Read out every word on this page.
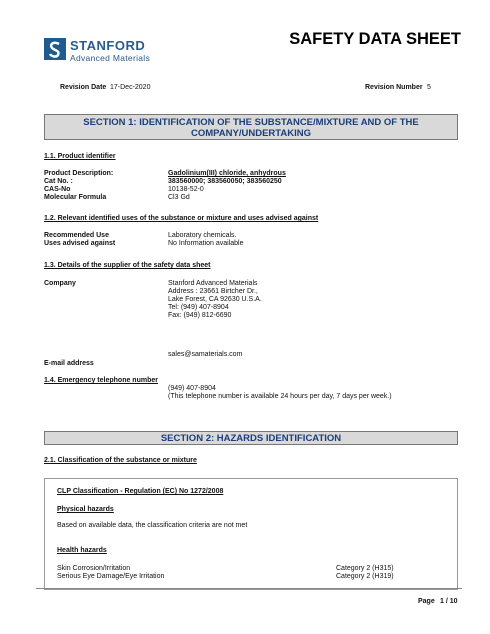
STANFORD
Advanced Materials
SAFETY DATA SHEET
Revision Date 17-Dec-2020	Revision Number 5
SECTION 1: IDENTIFICATION OF THE SUBSTANCE/MIXTURE AND OF THE
COMPANY/UNDERTAKING
1.1. Product identifier
Product Description:	Gadolinium(III) chloride, anhydrous
Cat No. :	383560000; 383560050; 383560250
CAS-No	10138-52-0
Molecular Formula	Cl3 Gd
1.2. Relevant identified uses of the substance or mixture and uses advised against
Recommended Use	Laboratory chemicals.
Uses advised against	No Information available
1.3. Details of the supplier of the safety data sheet
Company	Stanford Advanced Materials
Address : 23661 Birtcher Dr.,
Lake Forest, CA 92630 U.S.A.
Tel: (949) 407-8904
Fax: (949) 812-6690
sales@samaterials.com
E-mail address
1.4. Emergency telephone number
(949) 407-8904
(This telephone number is available 24 hours per day, 7 days per week.)
SECTION 2: HAZARDS IDENTIFICATION
2.1. Classification of the substance or mixture
CLP Classification - Regulation (EC) No 1272/2008
Physical hazards
Based on available data, the classification criteria are not met
Health hazards
Skin Corrosion/Irritation	Category 2 (H315)
Serious Eye Damage/Eye Irritation	Category 2 (H319)
Page 1 / 10
